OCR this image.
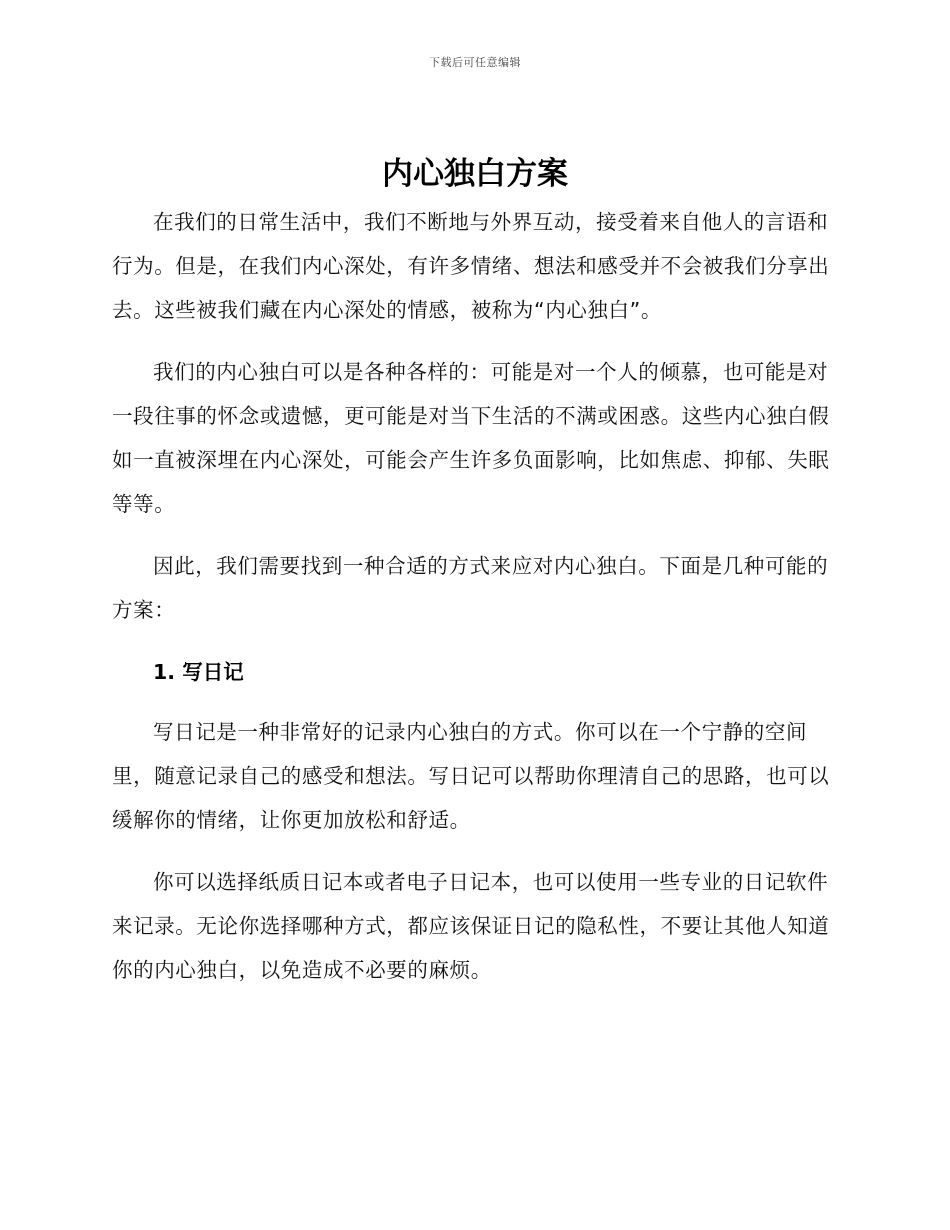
下载后可任意编辑
内心独白方案

在我们的日常生活中，我们不断地与外界互动，接受着来自他人的言语和行为。但是，在我们内心深处，有许多情绪、想法和感受并不会被我们分享出去。这些被我们藏在内心深处的情感，被称为“内心独白”。

我们的内心独白可以是各种各样的：可能是对一个人的倾慕，也可能是对一段往事的怀念或遗憾，更可能是对当下生活的不满或困惑。这些内心独白假如一直被深埋在内心深处，可能会产生许多负面影响，比如焦虑、抑郁、失眠等等。

因此，我们需要找到一种合适的方式来应对内心独白。下面是几种可能的方案：

1. 写日记

写日记是一种非常好的记录内心独白的方式。你可以在一个宁静的空间里，随意记录自己的感受和想法。写日记可以帮助你理清自己的思路，也可以缓解你的情绪，让你更加放松和舒适。

你可以选择纸质日记本或者电子日记本，也可以使用一些专业的日记软件来记录。无论你选择哪种方式，都应该保证日记的隐私性，不要让其他人知道你的内心独白，以免造成不必要的麻烦。
